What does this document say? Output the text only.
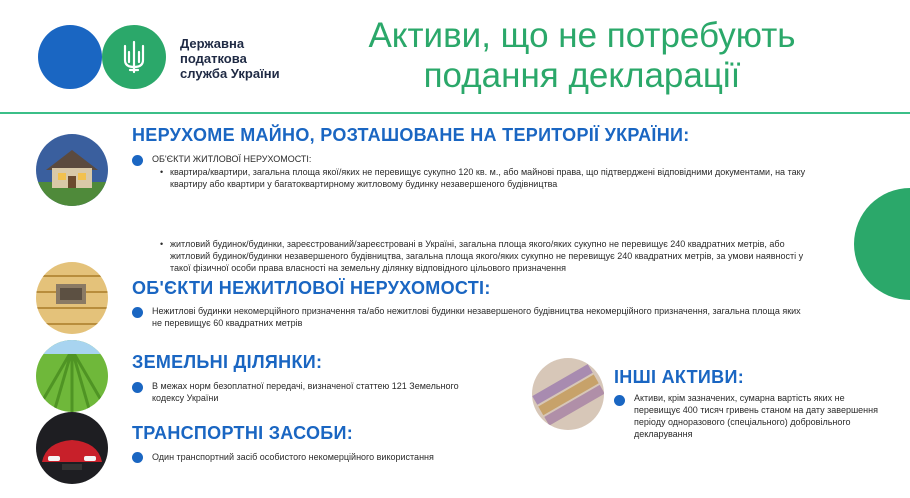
Державна
податкова
служба України
Активи, що не потребують
подання декларації
НЕРУХОМЕ МАЙНО, РОЗТАШОВАНЕ НА ТЕРИТОРІЇ УКРАЇНИ:
ОБ'ЄКТИ ЖИТЛОВОЇ НЕРУХОМОСТІ:
• квартира/квартири, загальна площа якої/яких не перевищує сукупно 120 кв. м., або майнові права, що підтверджені відповідними документами, на таку квартиру або квартири у багатоквартирному житловому будинку незавершеного будівництва
• житловий будинок/будинки, зареєстрований/зареєстровані в Україні, загальна площа якого/яких сукупно не перевищує 240 квадратних метрів, або житловий будинок/будинки незавершеного будівництва, загальна площа якого/яких сукупно не перевищує 240 квадратних метрів, за умови наявності у такої фізичної особи права власності на земельну ділянку відповідного цільового призначення
ОБ'ЄКТИ НЕЖИТЛОВОЇ НЕРУХОМОСТІ:
Нежитлові будинки некомерційного призначення та/або нежитлові будинки незавершеного будівництва некомерційного призначення, загальна площа яких не перевищує 60 квадратних метрів
ЗЕМЕЛЬНІ ДІЛЯНКИ:
В межах норм безоплатної передачі, визначеної статтею 121 Земельного кодексу України
ТРАНСПОРТНІ ЗАСОБИ:
Один транспортний засіб особистого некомерційного використання
ІНШІ АКТИВИ:
Активи, крім зазначених, сумарна вартість яких не перевищує 400 тисяч гривень станом на дату завершення періоду одноразового (спеціального) добровільного декларування
